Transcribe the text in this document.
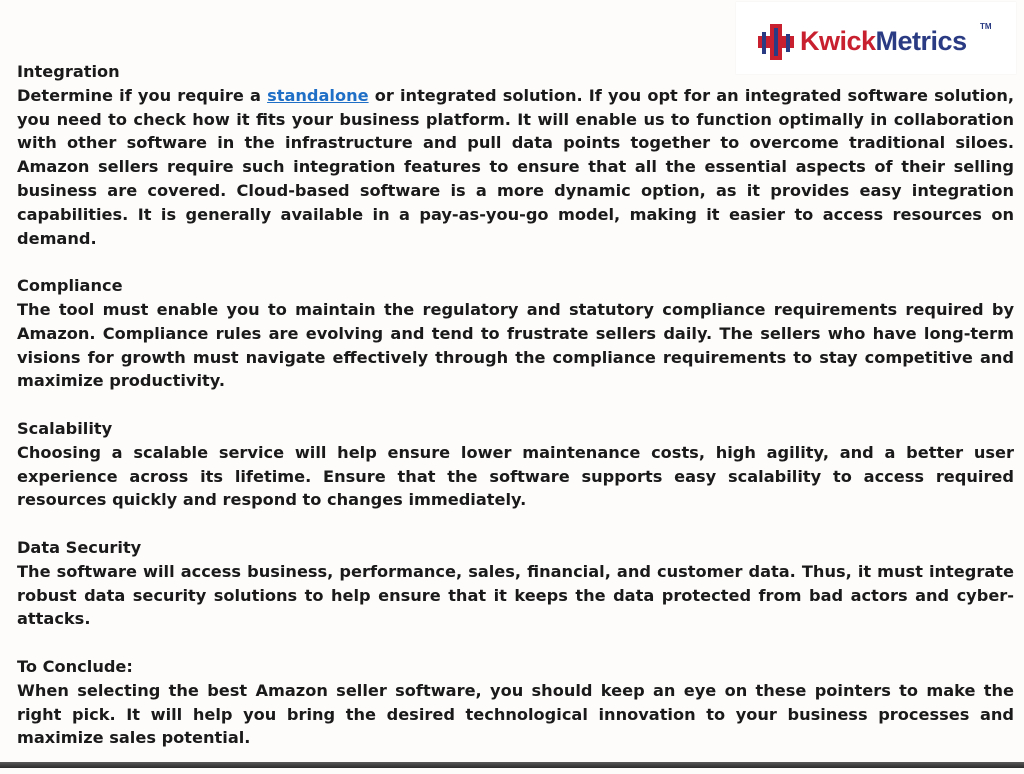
KwickMetrics TM
Integration
Determine if you require a standalone or integrated solution. If you opt for an integrated software solution, you need to check how it fits your business platform. It will enable us to function optimally in collaboration with other software in the infrastructure and pull data points together to overcome traditional siloes. Amazon sellers require such integration features to ensure that all the essential aspects of their selling business are covered. Cloud-based software is a more dynamic option, as it provides easy integration capabilities. It is generally available in a pay-as-you-go model, making it easier to access resources on demand.
Compliance
The tool must enable you to maintain the regulatory and statutory compliance requirements required by Amazon. Compliance rules are evolving and tend to frustrate sellers daily. The sellers who have long-term visions for growth must navigate effectively through the compliance requirements to stay competitive and maximize productivity.
Scalability
Choosing a scalable service will help ensure lower maintenance costs, high agility, and a better user experience across its lifetime. Ensure that the software supports easy scalability to access required resources quickly and respond to changes immediately.
Data Security
The software will access business, performance, sales, financial, and customer data. Thus, it must integrate robust data security solutions to help ensure that it keeps the data protected from bad actors and cyber-attacks.
To Conclude:
When selecting the best Amazon seller software, you should keep an eye on these pointers to make the right pick. It will help you bring the desired technological innovation to your business processes and maximize sales potential.
